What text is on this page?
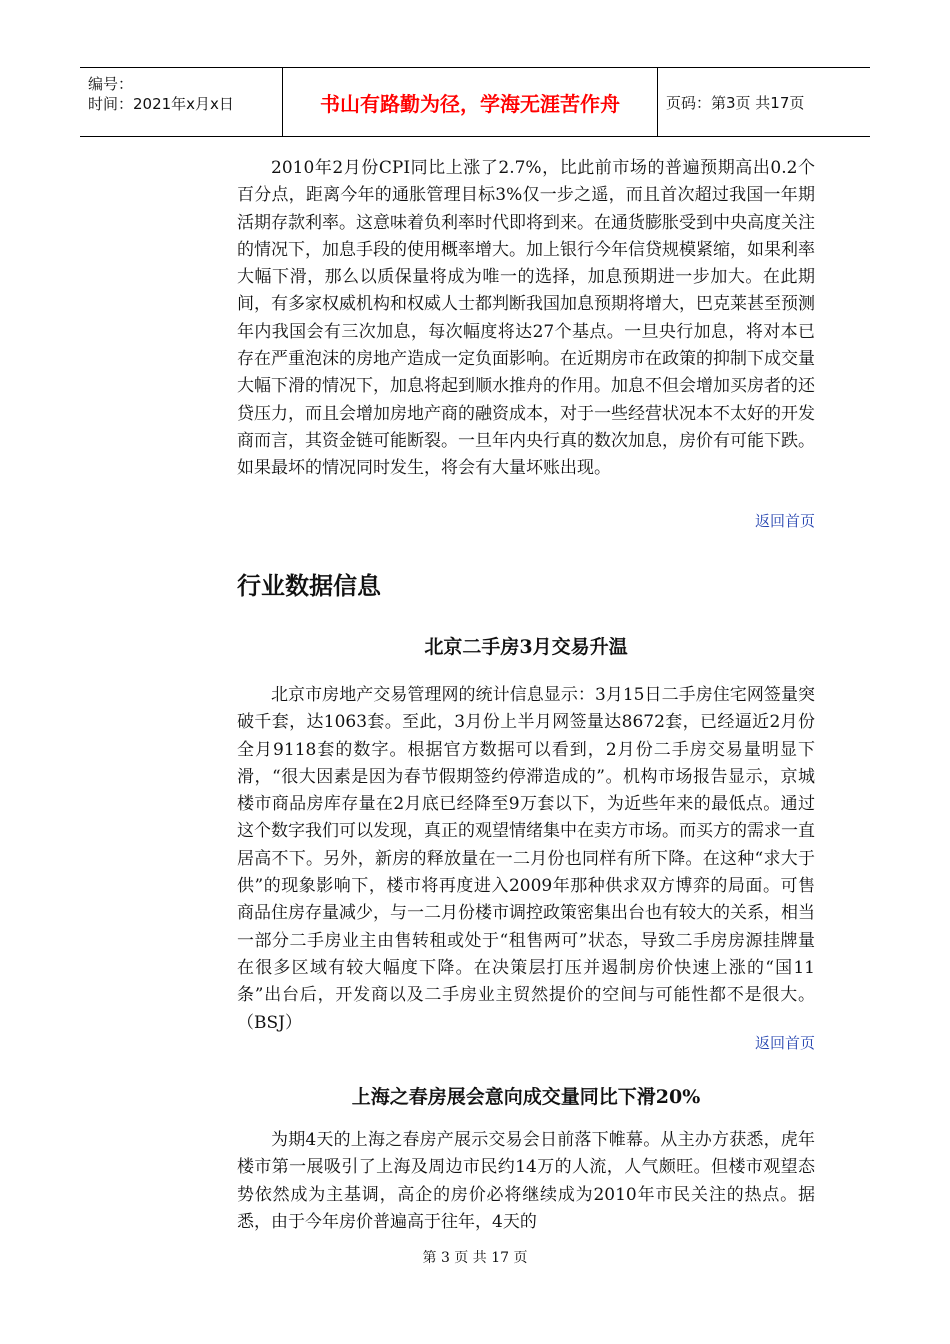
编号：
时间：2021年x月x日	书山有路勤为径，学海无涯苦作舟	页码：第3页 共17页

2010年2月份CPI同比上涨了2.7%，比此前市场的普遍预期高出0.2个百分点，距离今年的通胀管理目标3%仅一步之遥，而且首次超过我国一年期活期存款利率。这意味着负利率时代即将到来。在通货膨胀受到中央高度关注的情况下，加息手段的使用概率增大。加上银行今年信贷规模紧缩，如果利率大幅下滑，那么以质保量将成为唯一的选择，加息预期进一步加大。在此期间，有多家权威机构和权威人士都判断我国加息预期将增大，巴克莱甚至预测年内我国会有三次加息，每次幅度将达27个基点。一旦央行加息，将对本已存在严重泡沫的房地产造成一定负面影响。在近期房市在政策的抑制下成交量大幅下滑的情况下，加息将起到顺水推舟的作用。加息不但会增加买房者的还贷压力，而且会增加房地产商的融资成本，对于一些经营状况本不太好的开发商而言，其资金链可能断裂。一旦年内央行真的数次加息，房价有可能下跌。如果最坏的情况同时发生，将会有大量坏账出现。

返回首页
行业数据信息
北京二手房3月交易升温

北京市房地产交易管理网的统计信息显示：3月15日二手房住宅网签量突破千套，达1063套。至此，3月份上半月网签量达8672套，已经逼近2月份全月9118套的数字。根据官方数据可以看到，2月份二手房交易量明显下滑，“很大因素是因为春节假期签约停滞造成的”。机构市场报告显示，京城楼市商品房库存量在2月底已经降至9万套以下，为近些年来的最低点。通过这个数字我们可以发现，真正的观望情绪集中在卖方市场。而买方的需求一直居高不下。另外，新房的释放量在一二月份也同样有所下降。在这种“求大于供”的现象影响下，楼市将再度进入2009年那种供求双方博弈的局面。可售商品住房存量减少，与一二月份楼市调控政策密集出台也有较大的关系，相当一部分二手房业主由售转租或处于“租售两可”状态，导致二手房房源挂牌量在很多区域有较大幅度下降。在决策层打压并遏制房价快速上涨的“国11条”出台后，开发商以及二手房业主贸然提价的空间与可能性都不是很大。（BSJ）

返回首页
上海之春房展会意向成交量同比下滑20%

为期4天的上海之春房产展示交易会日前落下帷幕。从主办方获悉，虎年楼市第一展吸引了上海及周边市民约14万的人流，人气颇旺。但楼市观望态势依然成为主基调，高企的房价必将继续成为2010年市民关注的热点。据悉，由于今年房价普遍高于往年，4天的

第 3 页 共 17 页
